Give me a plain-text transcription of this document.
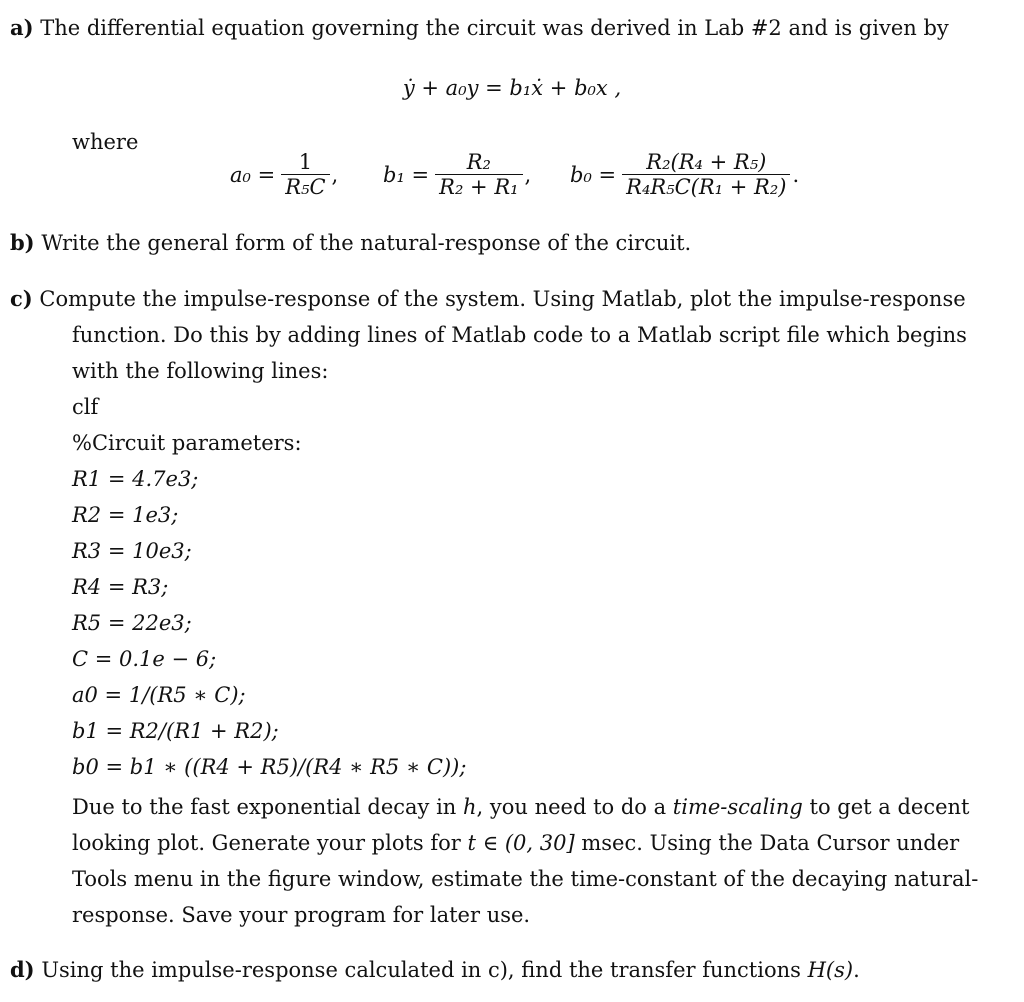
a) The differential equation governing the circuit was derived in Lab #2 and is given by
ẏ + a₀y = b₁ẋ + b₀x ,
where
$a_0 = \frac{1}{\text{R₅C}}$ , $b_1 = \frac{\text{R₂}}{\text{R₂ + R₁}}$ , $b_0 = \frac{\text{R₂(R₄ + R₅)}}{\text{R₄R₅C(R₁ + R₂)}}$ .
b) Write the general form of the natural-response of the circuit.
c) Compute the impulse-response of the system. Using Matlab, plot the impulse-response
function. Do this by adding lines of Matlab code to a Matlab script file which begins
with the following lines:
clf
%Circuit parameters:
R1 = 4.7e3;
R2 = 1e3;
R3 = 10e3;
R4 = R3;
R5 = 22e3;
C = 0.1e − 6;
a0 = 1/(R5 ∗ C);
b1 = R2/(R1 + R2);
b0 = b1 ∗ ((R4 + R5)/(R4 ∗ R5 ∗ C));
Due to the fast exponential decay in h, you need to do a time-scaling to get a decent
looking plot. Generate your plots for t ∈ (0, 30] msec. Using the Data Cursor under
Tools menu in the figure window, estimate the time-constant of the decaying natural-
response. Save your program for later use.
d) Using the impulse-response calculated in c), find the transfer functions H(s).
